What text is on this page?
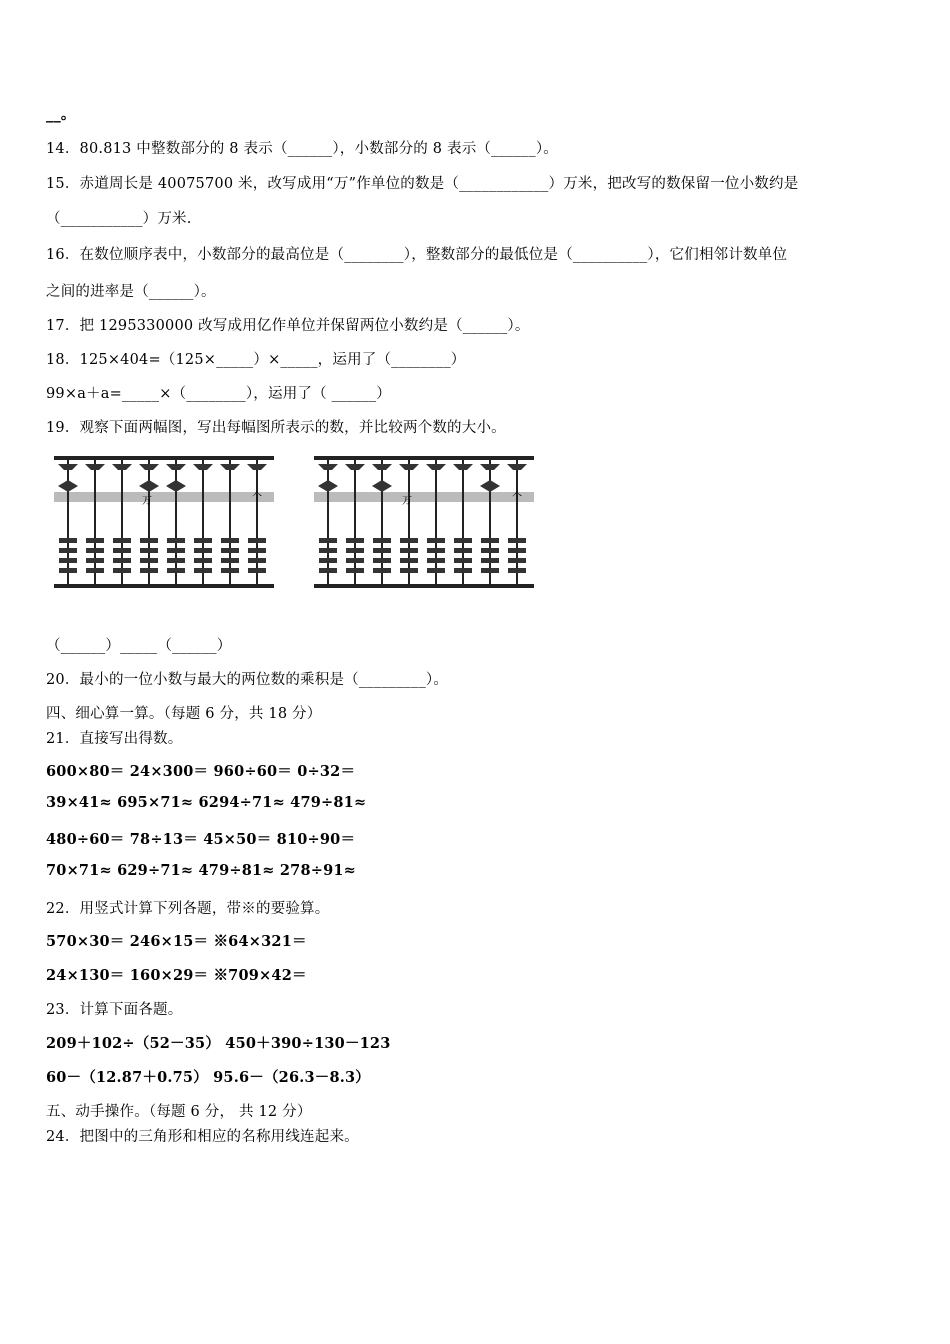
__。
14．80.813 中整数部分的 8 表示（______），小数部分的 8 表示（______）。
15．赤道周长是 40075700 米，改写成用“万”作单位的数是（____________）万米，把改写的数保留一位小数约是
（___________）万米.
16．在数位顺序表中，小数部分的最高位是（________），整数部分的最低位是（__________），它们相邻计数单位
之间的进率是（______）。
17．把 1295330000 改写成用亿作单位并保留两位小数约是（______）。
18．125×404=（125×_____）×_____，运用了（________）
99×a＋a=_____×（________），运用了（ ______）
19．观察下面两幅图，写出每幅图所表示的数，并比较两个数的大小。
万	个	万	个
（______）_____（______）
20．最小的一位小数与最大的两位数的乘积是（_________）。
四、细心算一算。（每题 6 分，共 18 分）
21．直接写出得数。
600×80＝ 24×300＝ 960÷60＝ 0÷32＝
39×41≈ 695×71≈ 6294÷71≈ 479÷81≈
480÷60＝ 78÷13＝ 45×50＝ 810÷90＝
70×71≈ 629÷71≈ 479÷81≈ 278÷91≈
22．用竖式计算下列各题，带※的要验算。
570×30＝ 246×15＝ ※64×321＝
24×130＝ 160×29＝ ※709×42＝
23．计算下面各题。
209＋102÷（52－35） 450＋390÷130－123
60－（12.87＋0.75） 95.6－（26.3－8.3）
五、动手操作。（每题 6 分， 共 12 分）
24．把图中的三角形和相应的名称用线连起来。
